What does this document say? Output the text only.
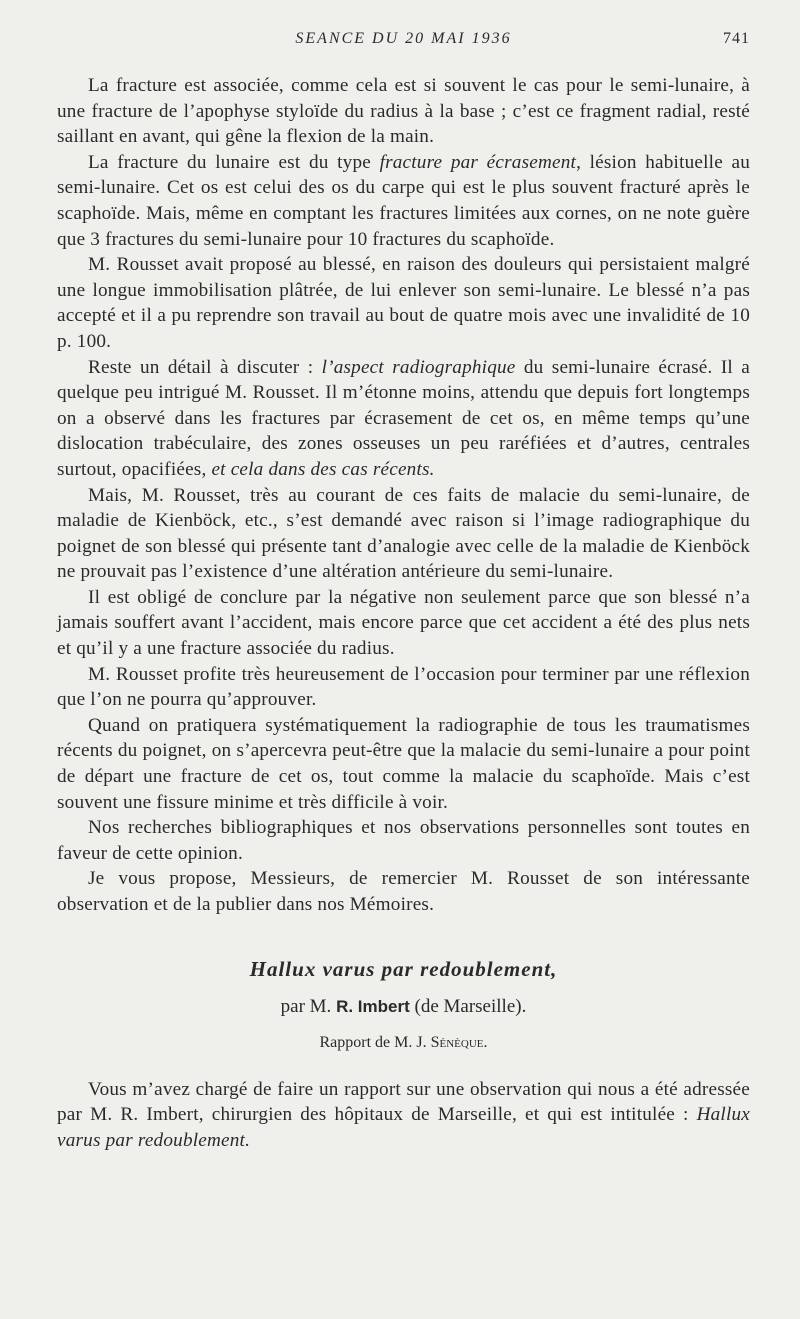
SEANCE DU 20 MAI 1936	741

La fracture est associée, comme cela est si souvent le cas pour le semi-lunaire, à une fracture de l’apophyse styloïde du radius à la base ; c’est ce fragment radial, resté saillant en avant, qui gêne la flexion de la main.

La fracture du lunaire est du type fracture par écrasement, lésion habituelle au semi-lunaire. Cet os est celui des os du carpe qui est le plus souvent fracturé après le scaphoïde. Mais, même en comptant les fractures limitées aux cornes, on ne note guère que 3 fractures du semi-lunaire pour 10 fractures du scaphoïde.

M. Rousset avait proposé au blessé, en raison des douleurs qui persistaient malgré une longue immobilisation plâtrée, de lui enlever son semi-lunaire. Le blessé n’a pas accepté et il a pu reprendre son travail au bout de quatre mois avec une invalidité de 10 p. 100.

Reste un détail à discuter : l’aspect radiographique du semi-lunaire écrasé. Il a quelque peu intrigué M. Rousset. Il m’étonne moins, attendu que depuis fort longtemps on a observé dans les fractures par écrasement de cet os, en même temps qu’une dislocation trabéculaire, des zones osseuses un peu raréfiées et d’autres, centrales surtout, opacifiées, et cela dans des cas récents.

Mais, M. Rousset, très au courant de ces faits de malacie du semi-lunaire, de maladie de Kienböck, etc., s’est demandé avec raison si l’image radiographique du poignet de son blessé qui présente tant d’analogie avec celle de la maladie de Kienböck ne prouvait pas l’existence d’une altération antérieure du semi-lunaire.

Il est obligé de conclure par la négative non seulement parce que son blessé n’a jamais souffert avant l’accident, mais encore parce que cet accident a été des plus nets et qu’il y a une fracture associée du radius.

M. Rousset profite très heureusement de l’occasion pour terminer par une réflexion que l’on ne pourra qu’approuver.

Quand on pratiquera systématiquement la radiographie de tous les traumatismes récents du poignet, on s’apercevra peut-être que la malacie du semi-lunaire a pour point de départ une fracture de cet os, tout comme la malacie du scaphoïde. Mais c’est souvent une fissure minime et très difficile à voir.

Nos recherches bibliographiques et nos observations personnelles sont toutes en faveur de cette opinion.

Je vous propose, Messieurs, de remercier M. Rousset de son intéressante observation et de la publier dans nos Mémoires.

Hallux varus par redoublement,
par M. R. Imbert (de Marseille).
Rapport de M. J. Sénèque.

Vous m’avez chargé de faire un rapport sur une observation qui nous a été adressée par M. R. Imbert, chirurgien des hôpitaux de Marseille, et qui est intitulée : Hallux varus par redoublement.
